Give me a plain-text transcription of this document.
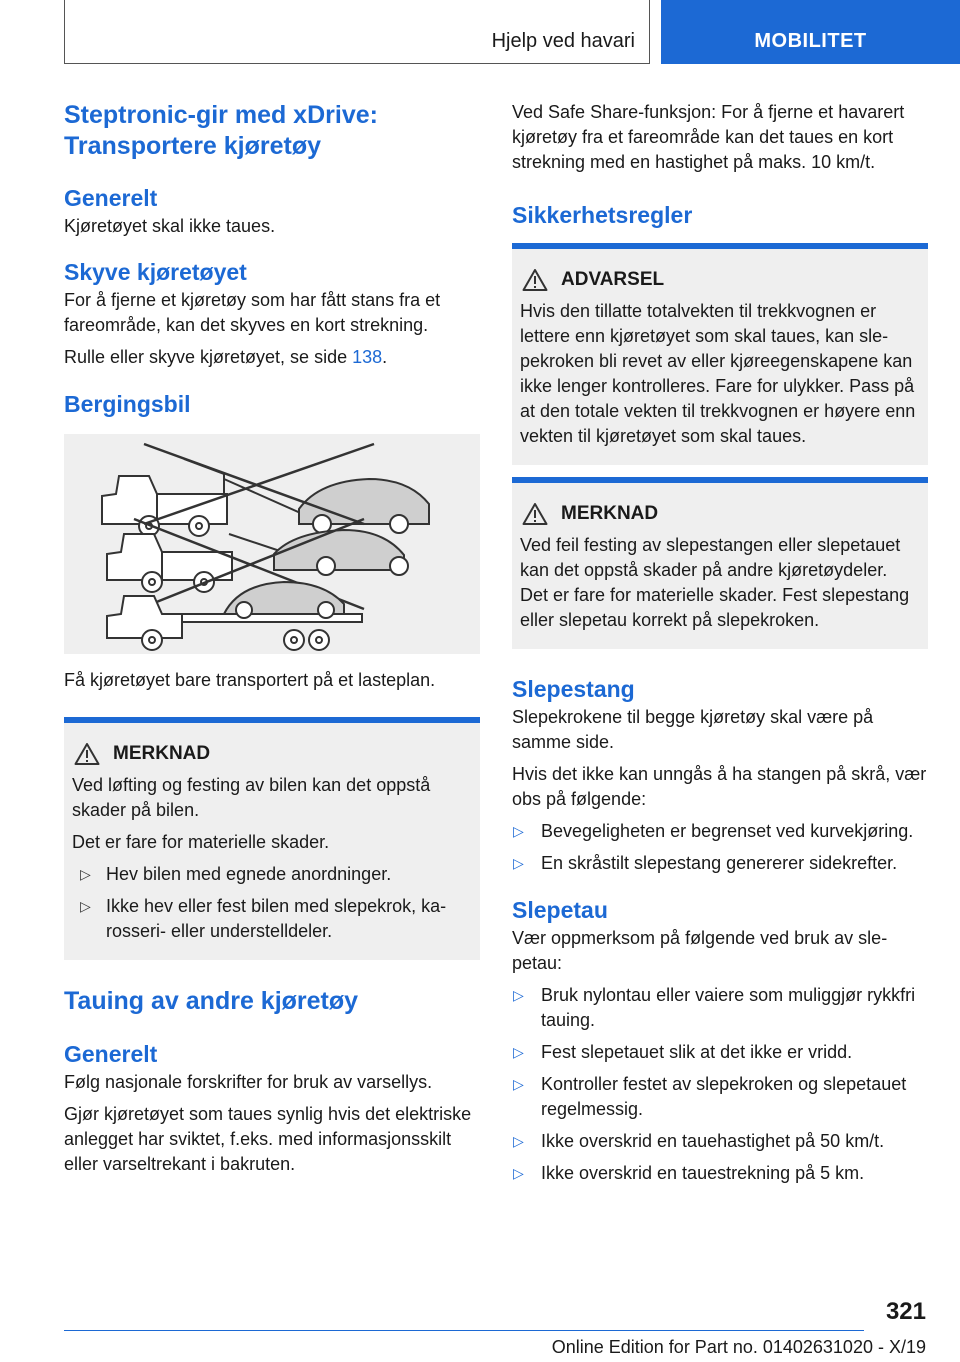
Hjelp ved havari	MOBILITET
Steptronic-gir med xDrive: Transportere kjøretøy
Generelt
Kjøretøyet skal ikke taues.
Skyve kjøretøyet
For å fjerne et kjøretøy som har fått stans fra et fareområde, kan det skyves en kort strekning.
Rulle eller skyve kjøretøyet, se side 138.
Bergingsbil
Få kjøretøyet bare transportert på et lasteplan.
MERKNAD
Ved løfting og festing av bilen kan det oppstå skader på bilen.
Det er fare for materielle skader.
▷ Hev bilen med egnede anordninger.
▷ Ikke hev eller fest bilen med slepekrok, karosseri- eller understelldeler.
Tauing av andre kjøretøy
Generelt
Følg nasjonale forskrifter for bruk av varsellys.
Gjør kjøretøyet som taues synlig hvis det elektriske anlegget har sviktet, f.eks. med informasjonsskilt eller varseltrekant i bakruten.
Ved Safe Share-funksjon: For å fjerne et havarert kjøretøy fra et fareområde kan det taues en kort strekning med en hastighet på maks. 10 km/t.
Sikkerhetsregler
ADVARSEL
Hvis den tillatte totalvekten til trekkvognen er lettere enn kjøretøyet som skal taues, kan slepekroken bli revet av eller kjøreegenskapene kan ikke lenger kontrolleres. Fare for ulykker. Pass på at den totale vekten til trekkvognen er høyere enn vekten til kjøretøyet som skal taues.
MERKNAD
Ved feil festing av slepestangen eller slepetauet kan det oppstå skader på andre kjøretøydeler. Det er fare for materielle skader. Fest slepestang eller slepetau korrekt på slepekroken.
Slepestang
Slepekrokene til begge kjøretøy skal være på samme side.
Hvis det ikke kan unngås å ha stangen på skrå, vær obs på følgende:
▷ Bevegeligheten er begrenset ved kurvekjøring.
▷ En skråstilt slepestang genererer sidekrefter.
Slepetau
Vær oppmerksom på følgende ved bruk av slepetau:
▷ Bruk nylontau eller vaiere som muliggjør rykkfri tauing.
▷ Fest slepetauet slik at det ikke er vridd.
▷ Kontroller festet av slepekroken og slepetauet regelmessig.
▷ Ikke overskrid en tauehastighet på 50 km/t.
▷ Ikke overskrid en tauestrekning på 5 km.
321
Online Edition for Part no. 01402631020 - X/19
